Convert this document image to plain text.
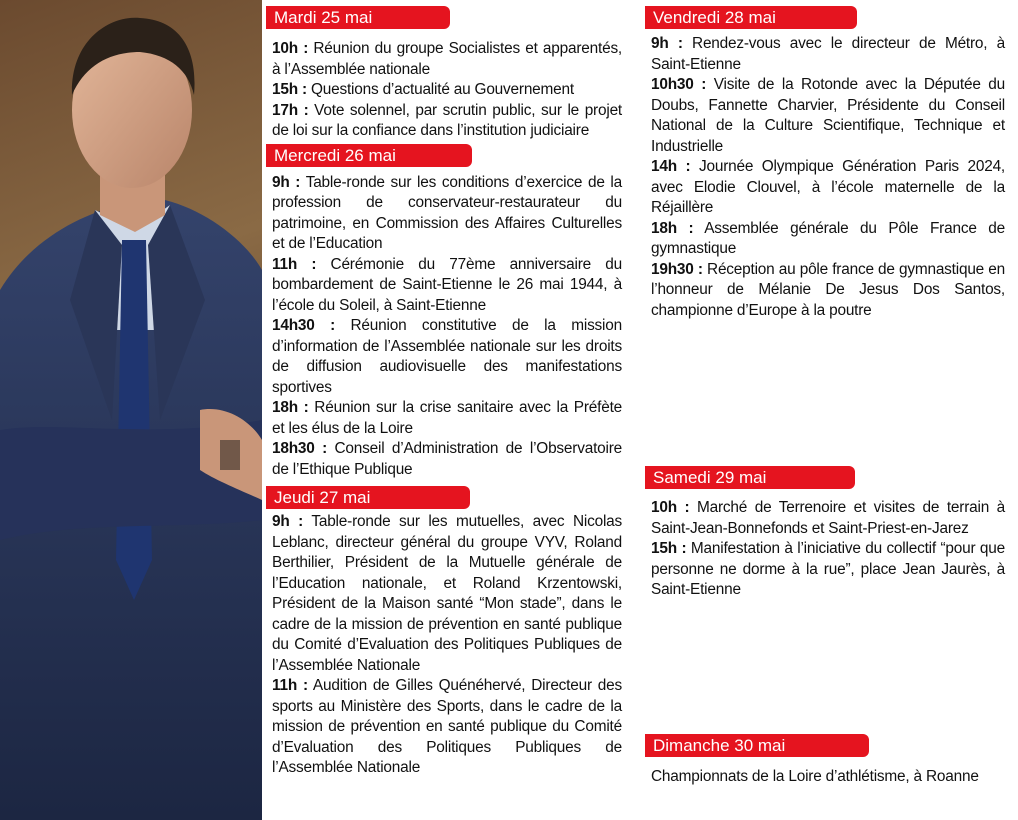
Mardi 25 mai

10h : Réunion du groupe Socialistes et apparentés, à l’Assemblée nationale

15h : Questions d’actualité au Gouvernement

17h : Vote solennel, par scrutin public, sur le projet de loi sur la confiance dans l’institution judiciaire

Mercredi 26 mai

9h : Table-ronde sur les conditions d’exercice de la profession de conservateur-restaurateur du patrimoine, en Commission des Affaires Culturelles et de l’Education

11h : Cérémonie du 77ème anniversaire du bombardement de Saint-Etienne le 26 mai 1944, à l’école du Soleil, à Saint-Etienne

14h30 : Réunion constitutive de la mission d’information de l’Assemblée nationale sur les droits de diffusion audiovisuelle des manifestations sportives

18h : Réunion sur la crise sanitaire avec la Préfète et les élus de la Loire

18h30 : Conseil d’Administration de l’Observatoire de l’Ethique Publique

Jeudi 27 mai

9h : Table-ronde sur les mutuelles, avec Nicolas Leblanc, directeur général du groupe VYV, Roland Berthilier, Président de la Mutuelle générale de l’Education nationale, et Roland Krzentowski, Président de la Maison santé “Mon stade”, dans le cadre de la mission de prévention en santé publique du Comité d’Evaluation des Politiques Publiques de l’Assemblée Nationale

11h : Audition de Gilles Quénéhervé, Directeur des sports au Ministère des Sports, dans le cadre de la mission de prévention en santé publique du Comité d’Evaluation des Politiques Publiques de l’Assemblée Nationale

Vendredi 28 mai

9h : Rendez-vous avec le directeur de Métro, à Saint-Etienne

10h30 : Visite de la Rotonde avec la Députée du Doubs, Fannette Charvier, Présidente du Conseil National de la Culture Scientifique, Technique et Industrielle

14h : Journée Olympique Génération Paris 2024, avec Elodie Clouvel, à l’école maternelle de la Réjaillère

18h : Assemblée générale du Pôle France de gymnastique

19h30 : Réception au pôle france de gymnastique en l’honneur de Mélanie De Jesus Dos Santos, championne d’Europe à la poutre

Samedi 29 mai

10h : Marché de Terrenoire et visites de terrain à Saint-Jean-Bonnefonds et Saint-Priest-en-Jarez

15h : Manifestation à l’iniciative du collectif “pour que personne ne dorme à la rue”, place Jean Jaurès, à Saint-Etienne

Dimanche 30 mai

Championnats de la Loire d’athlétisme, à Roanne
